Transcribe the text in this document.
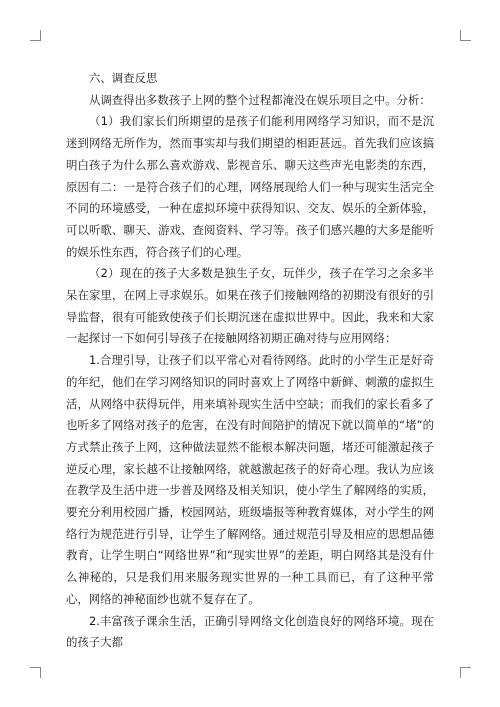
六、调查反思

从调查得出多数孩子上网的整个过程都淹没在娱乐项目之中。分析：

（1）我们家长们所期望的是孩子们能利用网络学习知识，而不是沉迷到网络无所作为，然而事实却与我们期望的相距甚远。首先我们应该搞明白孩子为什么那么喜欢游戏、影视音乐、聊天这些声光电影类的东西，原因有二：一是符合孩子们的心理，网络展现给人们一种与现实生活完全不同的环境感受，一种在虚拟环境中获得知识、交友、娱乐的全新体验，可以听歌、聊天、游戏、查阅资料、学习等。孩子们感兴趣的大多是能听的娱乐性东西，符合孩子们的心理。

（2）现在的孩子大多数是独生子女，玩伴少，孩子在学习之余多半呆在家里，在网上寻求娱乐。如果在孩子们接触网络的初期没有很好的引导监督，很有可能致使孩子们长期沉迷在虚拟世界中。因此，我来和大家一起探讨一下如何引导孩子在接触网络初期正确对待与应用网络：

1.合理引导，让孩子们以平常心对看待网络。此时的小学生正是好奇的年纪，他们在学习网络知识的同时喜欢上了网络中新鲜、刺激的虚拟生活，从网络中获得玩伴，用来填补现实生活中空缺；而我们的家长看多了也听多了网络对孩子的危害，在没有时间陪护的情况下就以简单的“堵”的方式禁止孩子上网，这种做法显然不能根本解决问题，堵还可能激起孩子逆反心理，家长越不让接触网络，就越激起孩子的好奇心理。我认为应该在教学及生活中进一步普及网络及相关知识，使小学生了解网络的实质，要充分利用校园广播，校园网站，班级墙报等种教育媒体，对小学生的网络行为规范进行引导，让学生了解网络。通过规范引导及相应的思想品德教育，让学生明白“网络世界”和“现实世界”的差距，明白网络其是没有什么神秘的，只是我们用来服务现实世界的一种工具而已，有了这种平常心，网络的神秘面纱也就不复存在了。

2.丰富孩子课余生活，正确引导网络文化创造良好的网络环境。现在的孩子大都
